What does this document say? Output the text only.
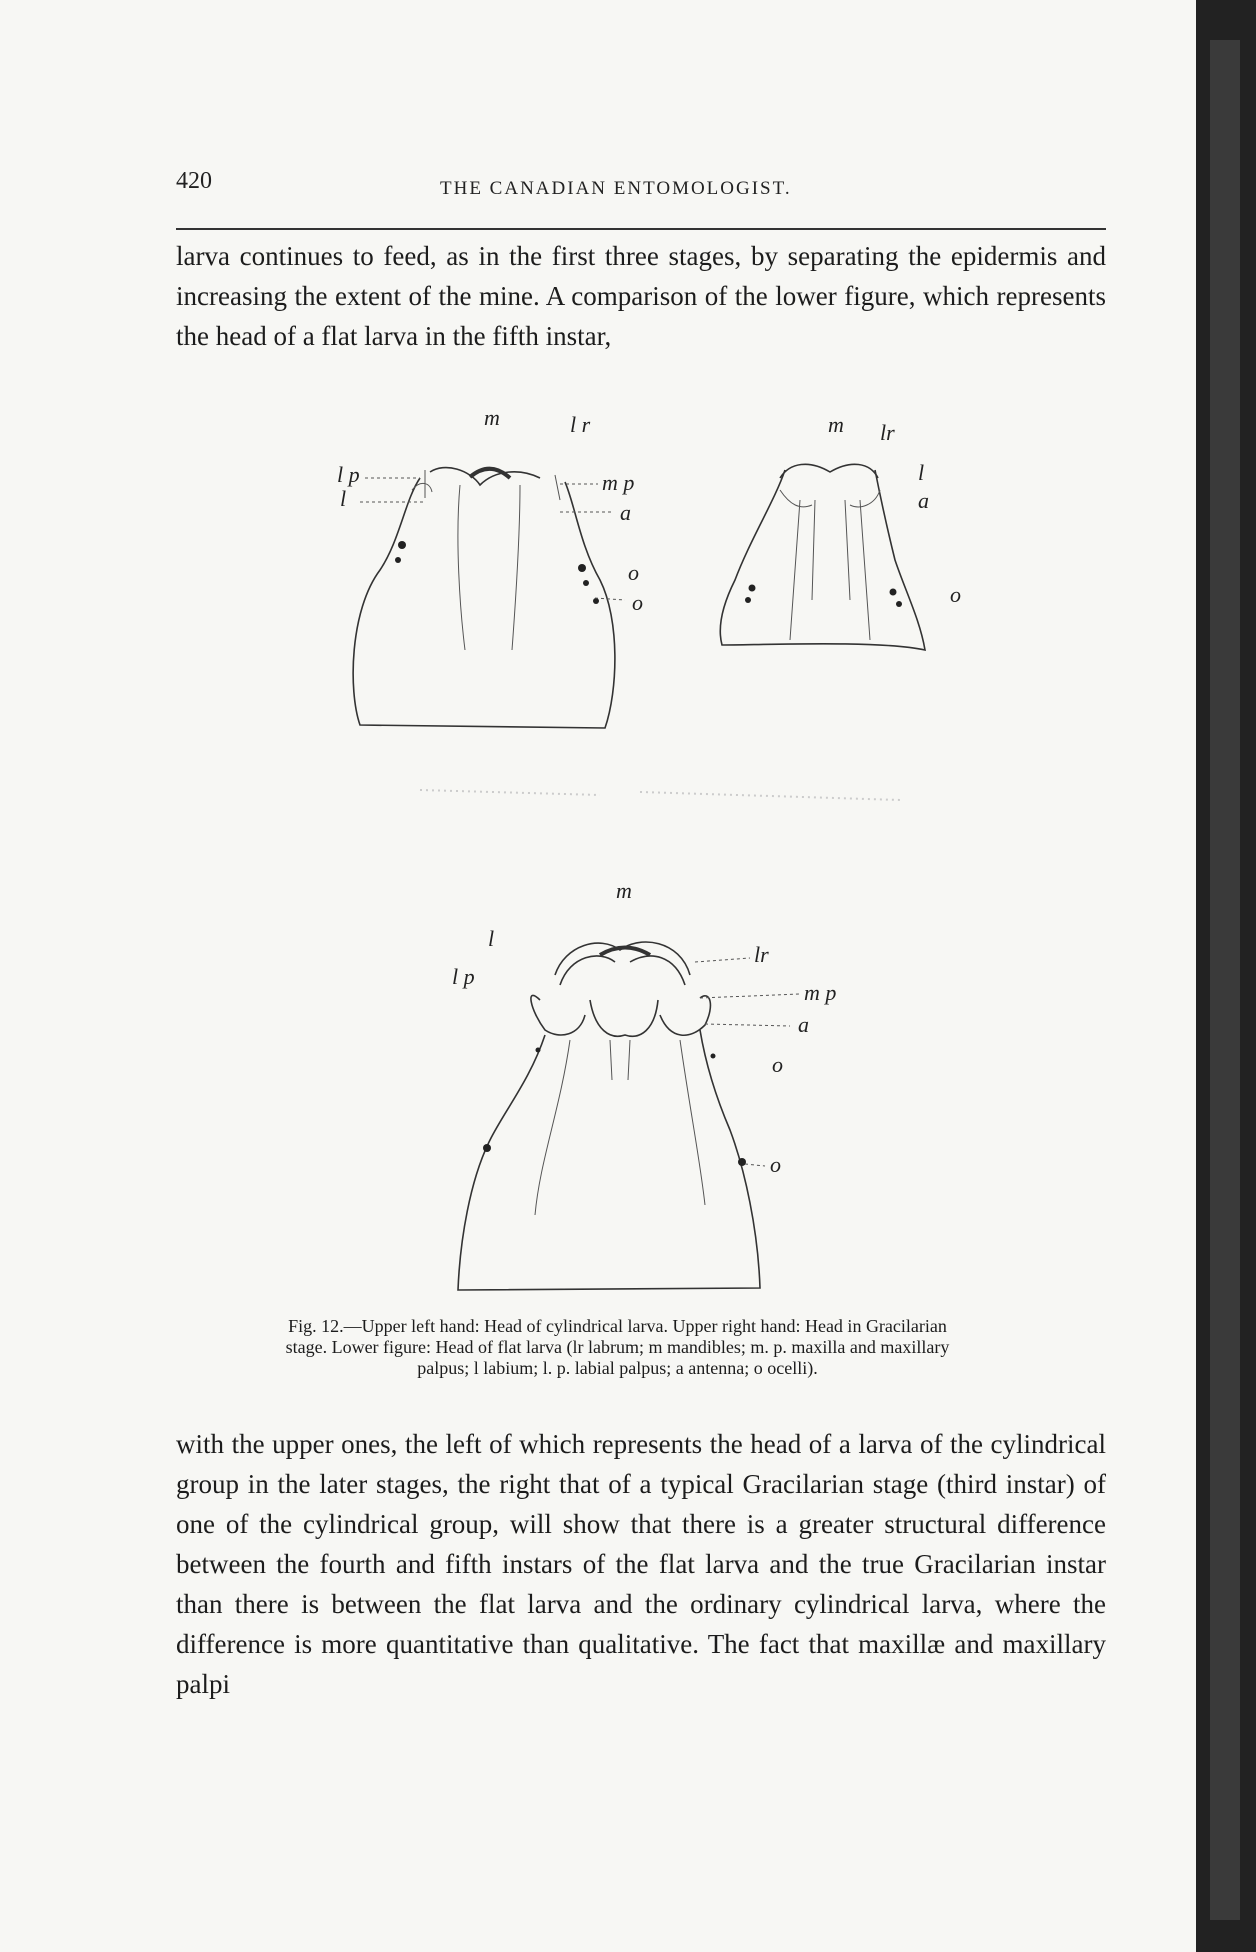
420	THE CANADIAN ENTOMOLOGIST.

larva continues to feed, as in the first three stages, by separating the epidermis and increasing the extent of the mine. A comparison of the lower figure, which represents the head of a flat larva in the fifth instar,

m	l r
l p
l
m p
a
o
o
m lr
l
a
o
m
l
lr
l p
m p
a
o
o
Fig. 12.—Upper left hand: Head of cylindrical larva. Upper right hand: Head in Gracilarian stage. Lower figure: Head of flat larva (lr labrum; m mandibles; m. p. maxilla and maxillary palpus; l labium; l. p. labial palpus; a antenna; o ocelli).

with the upper ones, the left of which represents the head of a larva of the cylindrical group in the later stages, the right that of a typical Gracilarian stage (third instar) of one of the cylindrical group, will show that there is a greater structural difference between the fourth and fifth instars of the flat larva and the true Gracilarian instar than there is between the flat larva and the ordinary cylindrical larva, where the difference is more quantitative than qualitative. The fact that maxillæ and maxillary palpi
